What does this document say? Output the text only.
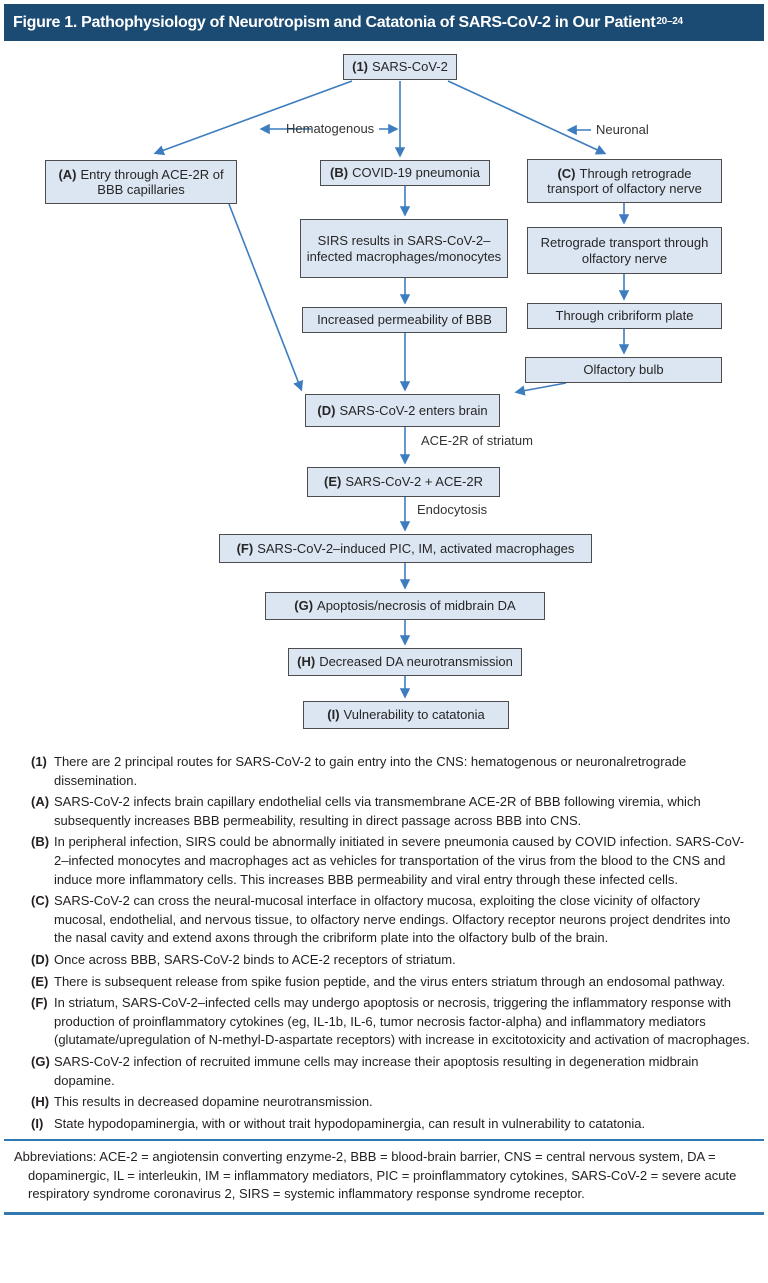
Figure 1. Pathophysiology of Neurotropism and Catatonia of SARS-CoV-2 in Our Patient$^{20-24}$
(1) SARS-CoV-2
Hematogenous	Neuronal
(A) Entry through ACE-2R of BBB capillaries
(B) COVID-19 pneumonia	(C) Through retrograde transport of olfactory nerve
SIRS results in SARS-CoV-2–infected macrophages/monocytes
Retrograde transport through olfactory nerve
Increased permeability of BBB	Through cribriform plate
Olfactory bulb
(D) SARS-CoV-2 enters brain
ACE-2R of striatum
(E) SARS-CoV-2 + ACE-2R
Endocytosis
(F) SARS-CoV-2–induced PIC, IM, activated macrophages
(G) Apoptosis/necrosis of midbrain DA
(H) Decreased DA neurotransmission
(I) Vulnerability to catatonia
(1) There are 2 principal routes for SARS-CoV-2 to gain entry into the CNS: hematogenous or neuronalretrograde dissemination.
(A) SARS-CoV-2 infects brain capillary endothelial cells via transmembrane ACE-2R of BBB following viremia, which subsequently increases BBB permeability, resulting in direct passage across BBB into CNS.
(B) In peripheral infection, SIRS could be abnormally initiated in severe pneumonia caused by COVID infection. SARS-CoV-2–infected monocytes and macrophages act as vehicles for transportation of the virus from the blood to the CNS and induce more inflammatory cells. This increases BBB permeability and viral entry through these infected cells.
(C) SARS-CoV-2 can cross the neural-mucosal interface in olfactory mucosa, exploiting the close vicinity of olfactory mucosal, endothelial, and nervous tissue, to olfactory nerve endings. Olfactory receptor neurons project dendrites into the nasal cavity and extend axons through the cribriform plate into the olfactory bulb of the brain.
(D) Once across BBB, SARS-CoV-2 binds to ACE-2 receptors of striatum.
(E) There is subsequent release from spike fusion peptide, and the virus enters striatum through an endosomal pathway.
(F) In striatum, SARS-CoV-2–infected cells may undergo apoptosis or necrosis, triggering the inflammatory response with production of proinflammatory cytokines (eg, IL-1b, IL-6, tumor necrosis factor-alpha) and inflammatory mediators (glutamate/upregulation of N-methyl-D-aspartate receptors) with increase in excitotoxicity and activation of macrophages.
(G) SARS-CoV-2 infection of recruited immune cells may increase their apoptosis resulting in degeneration midbrain dopamine.
(H) This results in decreased dopamine neurotransmission.
(I) State hypodopaminergia, with or without trait hypodopaminergia, can result in vulnerability to catatonia.
Abbreviations: ACE-2 = angiotensin converting enzyme-2, BBB = blood-brain barrier, CNS = central nervous system, DA = dopaminergic, IL = interleukin, IM = inflammatory mediators, PIC = proinflammatory cytokines, SARS-CoV-2 = severe acute respiratory syndrome coronavirus 2, SIRS = systemic inflammatory response syndrome receptor.
